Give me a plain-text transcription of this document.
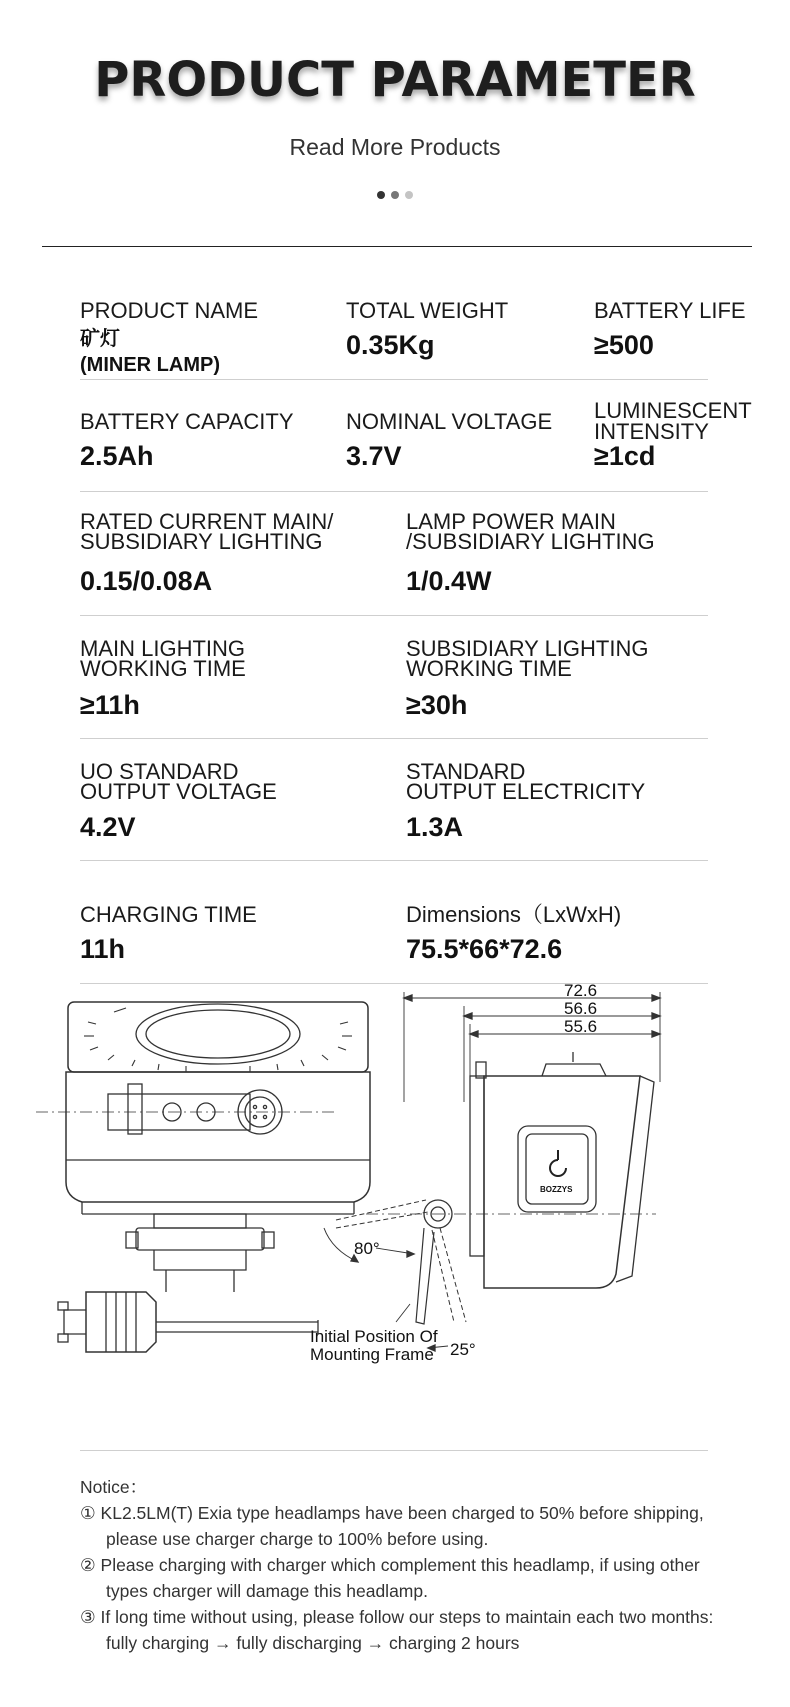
PRODUCT PARAMETER
Read More Products
PRODUCT NAME
矿灯
(MINER LAMP)
TOTAL WEIGHT
0.35Kg
BATTERY LIFE
≥500
BATTERY CAPACITY
2.5Ah
NOMINAL VOLTAGE
3.7V
LUMINESCENT
INTENSITY
≥1cd
RATED CURRENT MAIN/
SUBSIDIARY LIGHTING
0.15/0.08A
LAMP POWER MAIN
/SUBSIDIARY LIGHTING
1/0.4W
MAIN LIGHTING
WORKING TIME
≥11h
SUBSIDIARY LIGHTING
WORKING TIME
≥30h
UO STANDARD
OUTPUT VOLTAGE
4.2V
STANDARD
OUTPUT ELECTRICITY
1.3A
CHARGING TIME
11h
Dimensions（LxWxH)
75.5*66*72.6
72.6
56.6
55.6
80°
25°
Initial Position Of
Mounting Frame
BOZZYS

Notice：

① KL2.5LM(T) Exia type headlamps have been charged to 50% before shipping, please use charger charge to 100% before using.

② Please charging with charger which complement this headlamp, if using other types charger will damage this headlamp.

③ If long time without using, please follow our steps to maintain each two months: fully charging → fully discharging → charging 2 hours
